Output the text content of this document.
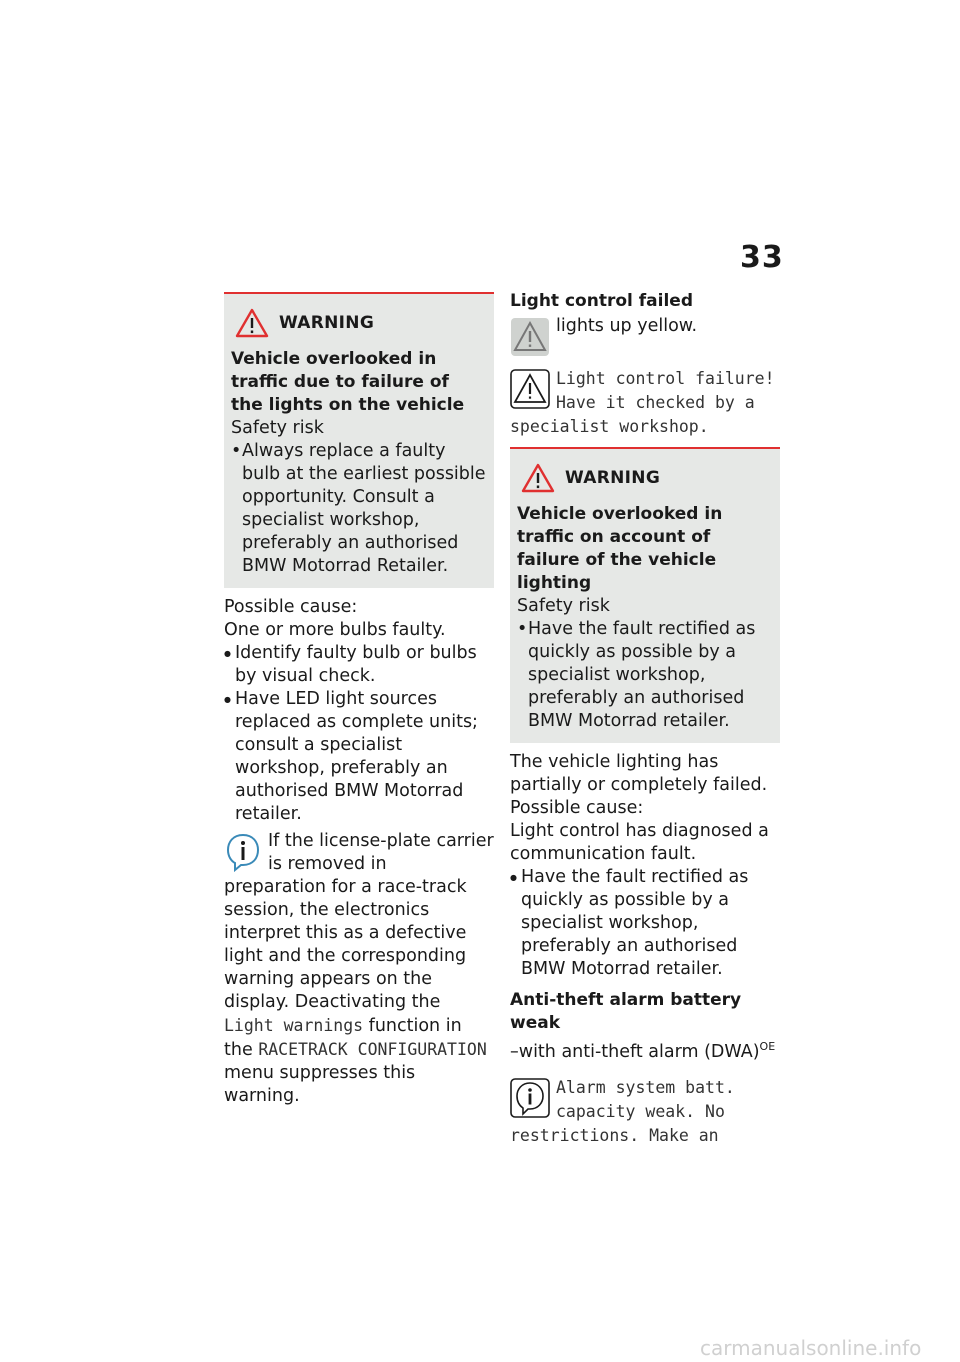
33
WARNING
Vehicle overlooked in traffic due to failure of the lights on the vehicle
Safety risk
• Always replace a faulty bulb at the earliest possible opportunity. Consult a specialist workshop, preferably an authorised BMW Motorrad Retailer.
Possible cause:
One or more bulbs faulty.
● Identify faulty bulb or bulbs by visual check.
● Have LED light sources replaced as complete units; consult a specialist workshop, preferably an authorised BMW Motorrad retailer.
If the license-plate carrier is removed in preparation for a race-track session, the electronics interpret this as a defective light and the corresponding warning appears on the display. Deactivating the Light warnings function in the RACETRACK CONFIGURATION menu suppresses this warning.
Light control failed
lights up yellow.
Light control failure! Have it checked by a specialist workshop.
WARNING
Vehicle overlooked in traffic on account of failure of the vehicle lighting
Safety risk
• Have the fault rectified as quickly as possible by a specialist workshop, preferably an authorised BMW Motorrad retailer.
The vehicle lighting has partially or completely failed.
Possible cause:
Light control has diagnosed a communication fault.
● Have the fault rectified as quickly as possible by a specialist workshop, preferably an authorised BMW Motorrad retailer.
Anti-theft alarm battery weak
–with anti-theft alarm (DWA)$^{OE}$
Alarm system batt. capacity weak. No restrictions. Make an
carmanualsonline.info
